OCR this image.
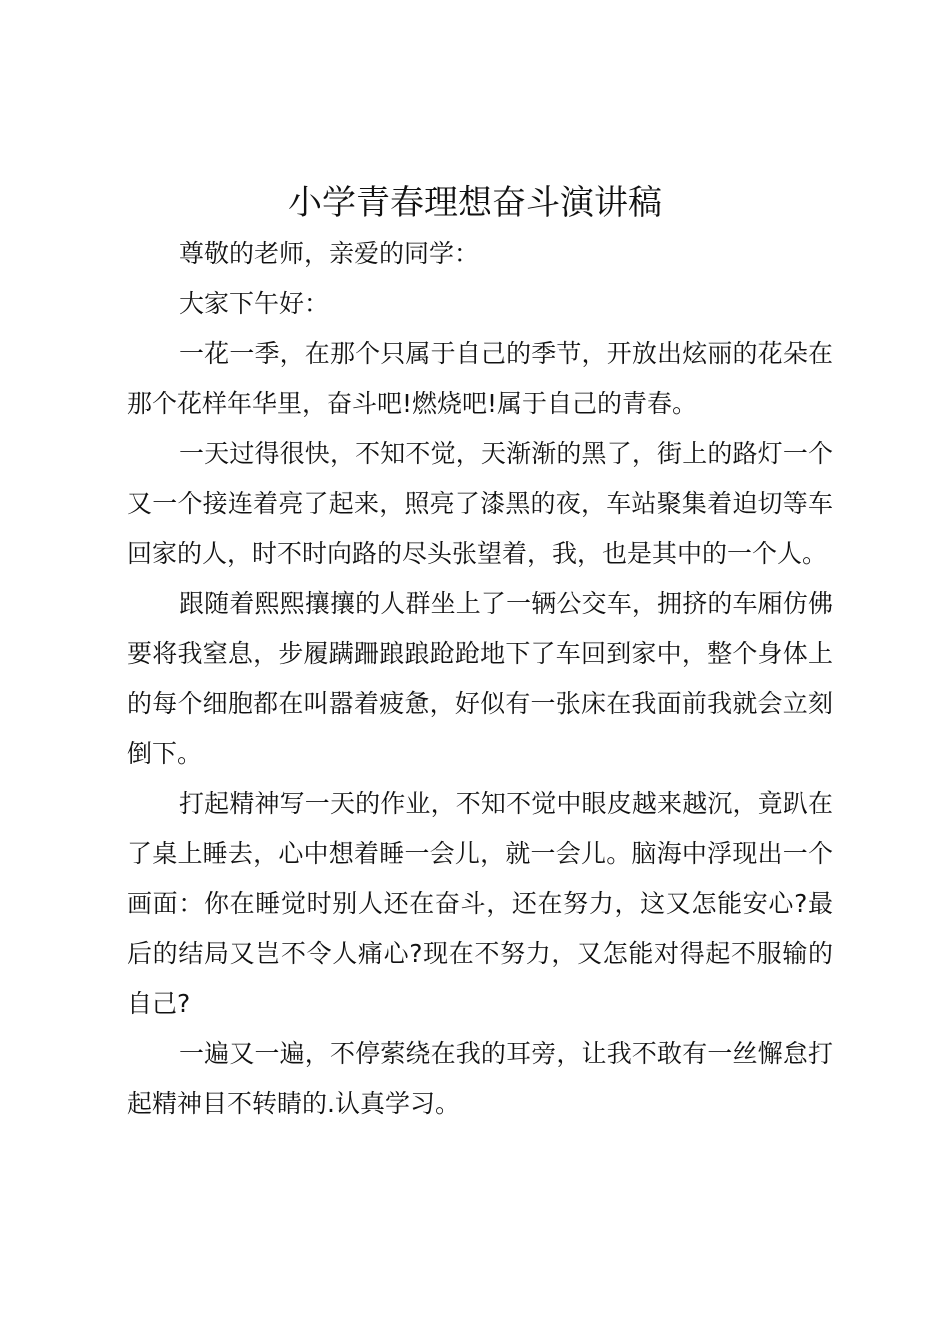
小学青春理想奋斗演讲稿

尊敬的老师，亲爱的同学：

大家下午好：

一花一季，在那个只属于自己的季节，开放出炫丽的花朵在那个花样年华里，奋斗吧!燃烧吧!属于自己的青春。

一天过得很快，不知不觉，天渐渐的黑了，街上的路灯一个又一个接连着亮了起来，照亮了漆黑的夜，车站聚集着迫切等车回家的人，时不时向路的尽头张望着，我，也是其中的一个人。

跟随着熙熙攘攘的人群坐上了一辆公交车，拥挤的车厢仿佛要将我窒息，步履蹒跚踉踉跄跄地下了车回到家中，整个身体上的每个细胞都在叫嚣着疲惫，好似有一张床在我面前我就会立刻倒下。

打起精神写一天的作业，不知不觉中眼皮越来越沉，竟趴在了桌上睡去，心中想着睡一会儿，就一会儿。脑海中浮现出一个画面：你在睡觉时别人还在奋斗，还在努力，这又怎能安心?最后的结局又岂不令人痛心?现在不努力，又怎能对得起不服输的自己?

一遍又一遍，不停萦绕在我的耳旁，让我不敢有一丝懈怠打起精神目不转睛的.认真学习。
